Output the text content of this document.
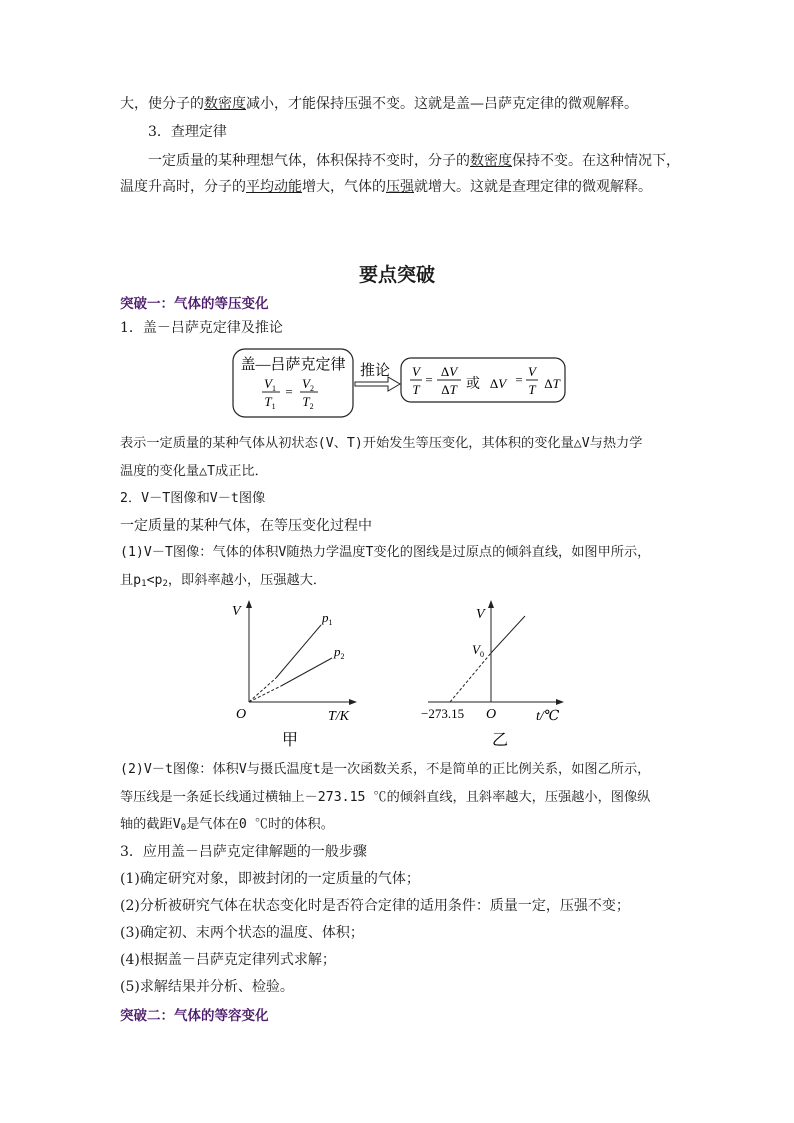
大，使分子的数密度减小，才能保持压强不变。这就是盖—吕萨克定律的微观解释。
3．查理定律
一定质量的某种理想气体，体积保持不变时，分子的数密度保持不变。在这种情况下，
温度升高时，分子的平均动能增大，气体的压强就增大。这就是查理定律的微观解释。
要点突破
突破一：气体的等压变化
1．盖－吕萨克定律及推论
盖—吕萨克定律
$V_1$
$T_1$
=
$V_2$
$T_2$
推论 V
T
=
ΔV
ΔT 或 ΔV =
V
T ΔT
表示一定质量的某种气体从初状态(V、T)开始发生等压变化，其体积的变化量△V与热力学
温度的变化量△T成正比．
2．V－T图像和V－t图像
一定质量的某种气体，在等压变化过程中
(1)V－T图像：气体的体积V随热力学温度T变化的图线是过原点的倾斜直线，如图甲所示，
且$p_1<p_2$，即斜率越小，压强越大．
V
O	T/K
$p_1$
$p_2$
甲
V
$V_0$
−273.15 O	t/℃
乙
(2)V－t图像：体积V与摄氏温度t是一次函数关系，不是简单的正比例关系，如图乙所示，
等压线是一条延长线通过横轴上－273.15 ℃的倾斜直线，且斜率越大，压强越小，图像纵
轴的截距$V_0$是气体在0 ℃时的体积。
3．应用盖－吕萨克定律解题的一般步骤
(1)确定研究对象，即被封闭的一定质量的气体；
(2)分析被研究气体在状态变化时是否符合定律的适用条件：质量一定，压强不变；
(3)确定初、末两个状态的温度、体积；
(4)根据盖－吕萨克定律列式求解；
(5)求解结果并分析、检验。
突破二：气体的等容变化
